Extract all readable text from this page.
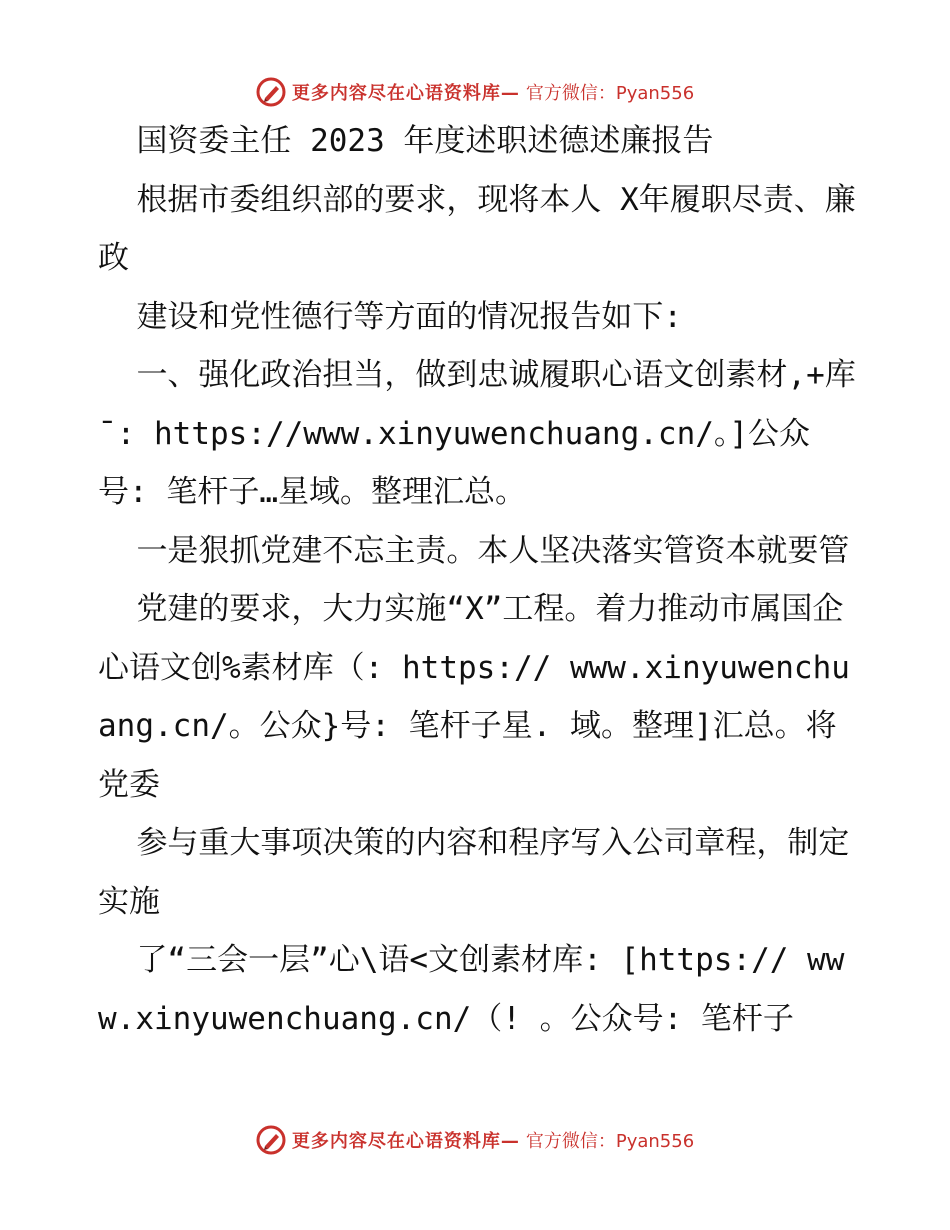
更多内容尽在心语资料库— 官方微信：Pyan556

国资委主任 2023 年度述职述德述廉报告

根据市委组织部的要求，现将本人 X年履职尽责、廉政

建设和党性德行等方面的情况报告如下:

一、强化政治担当，做到忠诚履职心语文创素材,+库¯: https://www.xinyuwenchuang.cn/。]公众号: 笔杆子…星域。整理汇总。

一是狠抓党建不忘主责。本人坚决落实管资本就要管

党建的要求，大力实施“X”工程。着力推动市属国企心语文创%素材库（: https:// www.xinyuwenchuang.cn/。公众}号: 笔杆子星. 域。整理]汇总。将党委

参与重大事项决策的内容和程序写入公司章程，制定实施

了“三会一层”心\语<文创素材库: [https:// www.xinyuwenchuang.cn/（! 。公众号: 笔杆子

更多内容尽在心语资料库— 官方微信：Pyan556
